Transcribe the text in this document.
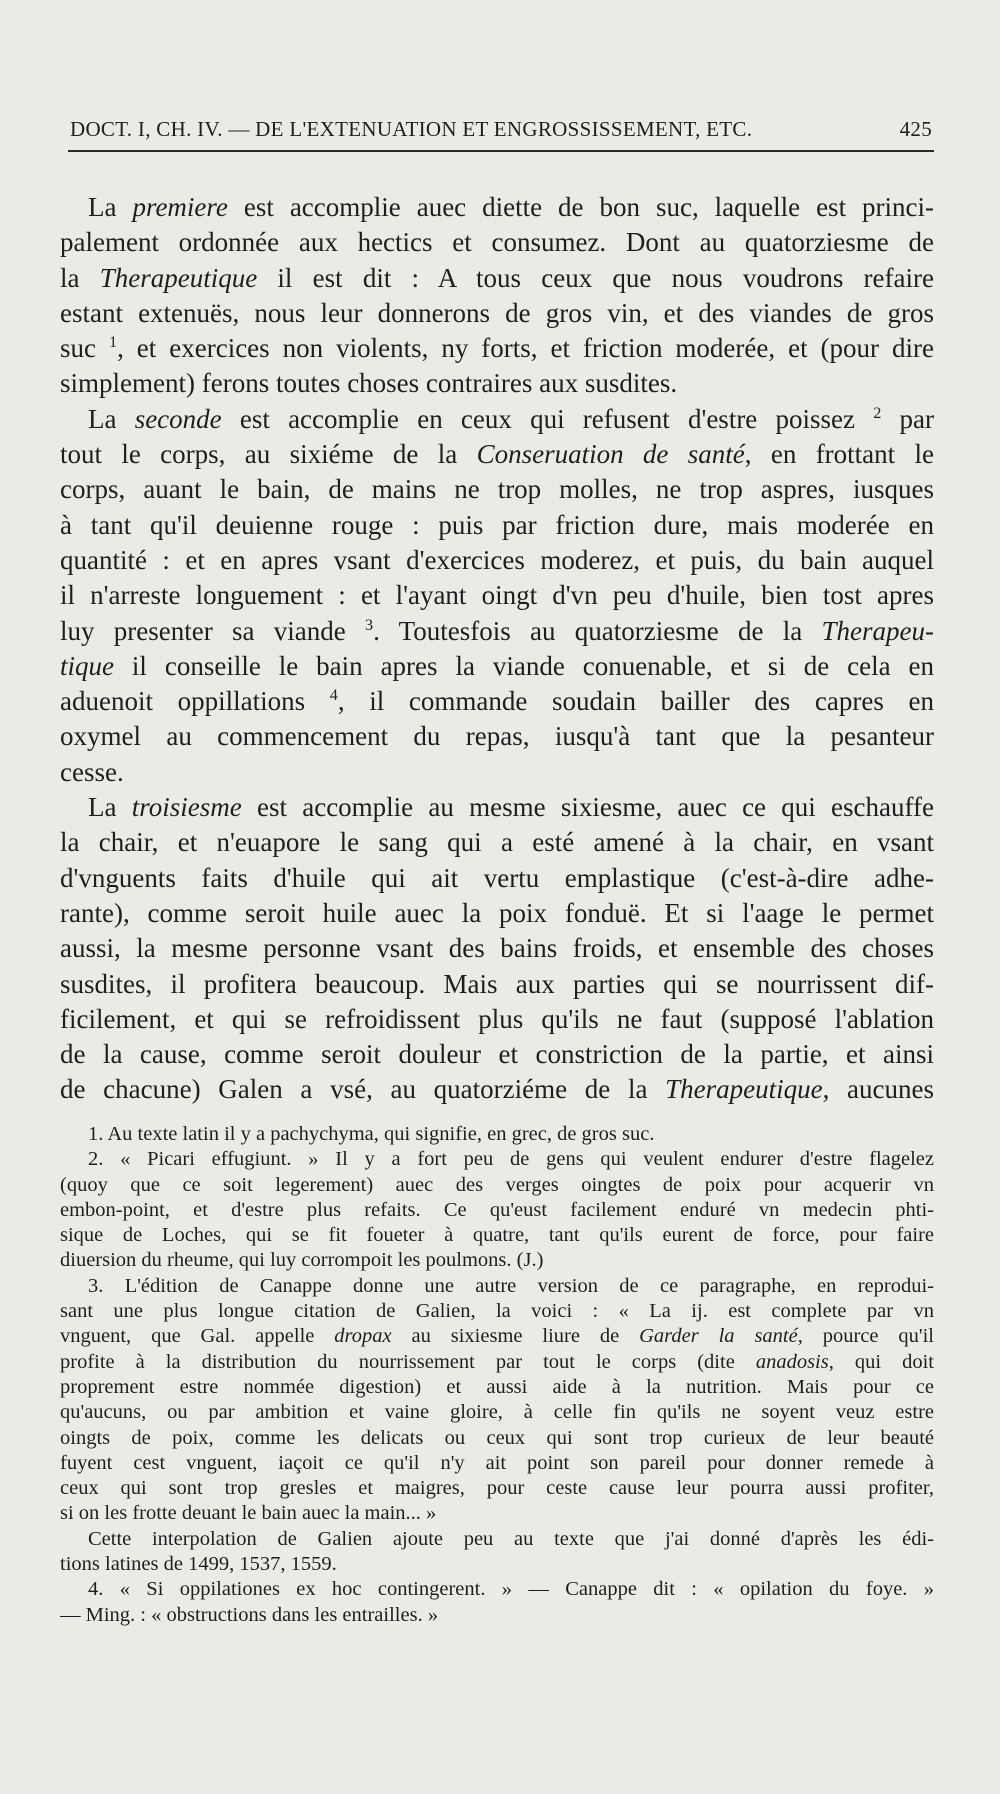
DOCT. I, CH. IV. — DE L'EXTENUATION ET ENGROSSISSEMENT, ETC.	425
La premiere est accomplie auec diette de bon suc, laquelle est princi-
palement ordonnée aux hectics et consumez. Dont au quatorziesme de
la Therapeutique il est dit : A tous ceux que nous voudrons refaire
estant extenuës, nous leur donnerons de gros vin, et des viandes de gros
suc $^1$, et exercices non violents, ny forts, et friction moderée, et (pour dire
simplement) ferons toutes choses contraires aux susdites.
La seconde est accomplie en ceux qui refusent d'estre poissez $^2$ par
tout le corps, au sixiéme de la Conseruation de santé, en frottant le
corps, auant le bain, de mains ne trop molles, ne trop aspres, iusques
à tant qu'il deuienne rouge : puis par friction dure, mais moderée en
quantité : et en apres vsant d'exercices moderez, et puis, du bain auquel
il n'arreste longuement : et l'ayant oingt d'vn peu d'huile, bien tost apres
luy presenter sa viande $^3$. Toutesfois au quatorziesme de la Therapeu-
tique il conseille le bain apres la viande conuenable, et si de cela en
aduenoit oppillations $^4$, il commande soudain bailler des capres en
oxymel au commencement du repas, iusqu'à tant que la pesanteur
cesse.
La troisiesme est accomplie au mesme sixiesme, auec ce qui eschauffe
la chair, et n'euapore le sang qui a esté amené à la chair, en vsant
d'vnguents faits d'huile qui ait vertu emplastique (c'est-à-dire adhe-
rante), comme seroit huile auec la poix fonduë. Et si l'aage le permet
aussi, la mesme personne vsant des bains froids, et ensemble des choses
susdites, il profitera beaucoup. Mais aux parties qui se nourrissent dif-
ficilement, et qui se refroidissent plus qu'ils ne faut (supposé l'ablation
de la cause, comme seroit douleur et constriction de la partie, et ainsi
de chacune) Galen a vsé, au quatorziéme de la Therapeutique, aucunes
1. Au texte latin il y a pachychyma, qui signifie, en grec, de gros suc.
2. « Picari effugiunt. » Il y a fort peu de gens qui veulent endurer d'estre flagelez
(quoy que ce soit legerement) auec des verges oingtes de poix pour acquerir vn
embon-point, et d'estre plus refaits. Ce qu'eust facilement enduré vn medecin phti-
sique de Loches, qui se fit foueter à quatre, tant qu'ils eurent de force, pour faire
diuersion du rheume, qui luy corrompoit les poulmons. (J.)
3. L'édition de Canappe donne une autre version de ce paragraphe, en reprodui-
sant une plus longue citation de Galien, la voici : « La ij. est complete par vn
vnguent, que Gal. appelle dropax au sixiesme liure de Garder la santé, pource qu'il
profite à la distribution du nourrissement par tout le corps (dite anadosis, qui doit
proprement estre nommée digestion) et aussi aide à la nutrition. Mais pour ce
qu'aucuns, ou par ambition et vaine gloire, à celle fin qu'ils ne soyent veuz estre
oingts de poix, comme les delicats ou ceux qui sont trop curieux de leur beauté
fuyent cest vnguent, iaçoit ce qu'il n'y ait point son pareil pour donner remede à
ceux qui sont trop gresles et maigres, pour ceste cause leur pourra aussi profiter,
si on les frotte deuant le bain auec la main... »
Cette interpolation de Galien ajoute peu au texte que j'ai donné d'après les édi-
tions latines de 1499, 1537, 1559.
4. « Si oppilationes ex hoc contingerent. » — Canappe dit : « opilation du foye. »
— Ming. : « obstructions dans les entrailles. »
